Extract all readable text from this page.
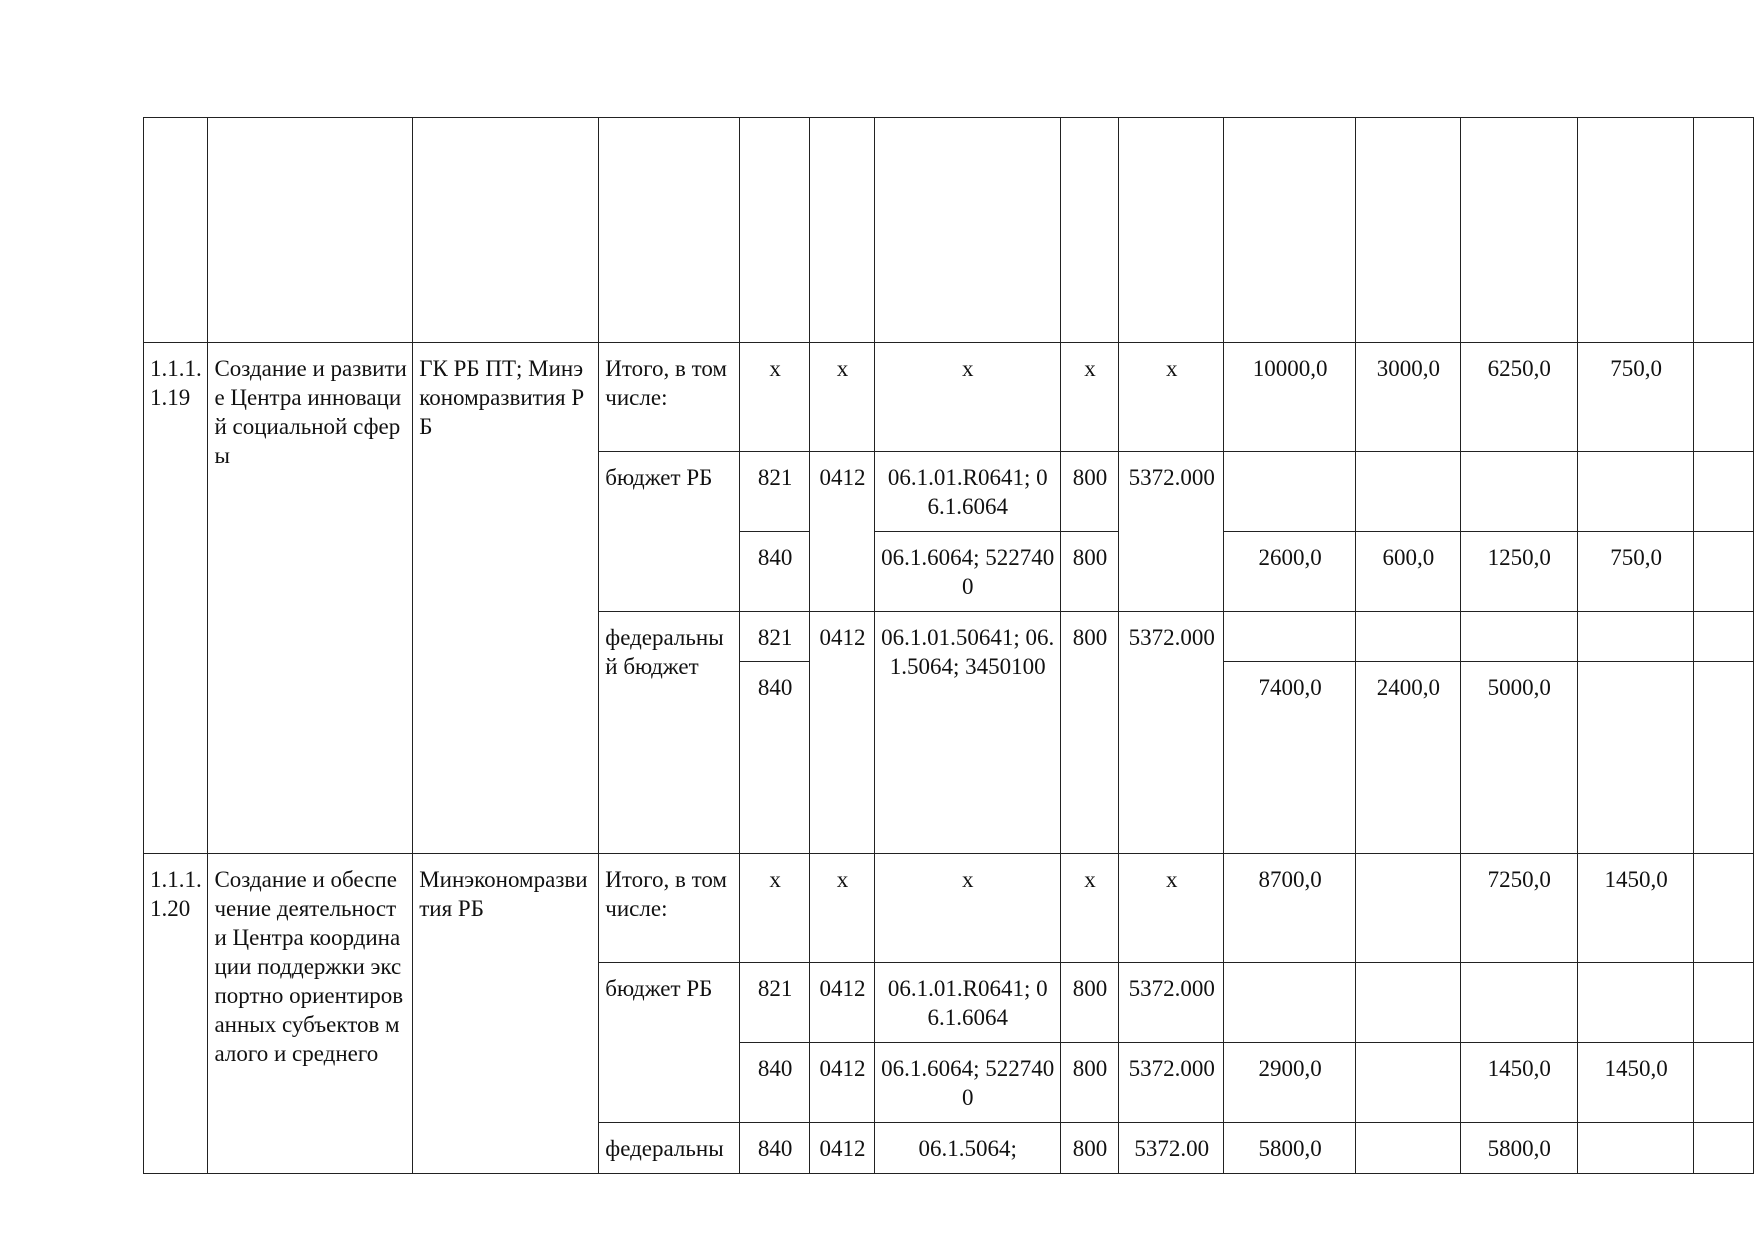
1.1.1.1.19	Создание и развитие Центра инноваций социальной сферы	ГК РБ ПТ; Минэкономразвития РБ	Итого, в том числе:	х	х	х	х	х	10000,0	3000,0	6250,0	750,0	
			бюджет РБ	821	0412	06.1.01.R0641; 06.1.6064	800	5372.000					
				840		06.1.6064; 5227400	800		2600,0	600,0	1250,0	750,0	
			федеральный бюджет	821	0412	06.1.01.50641; 06.1.5064; 3450100	800	5372.000					
				840					7400,0	2400,0	5000,0		

1.1.1.1.20	Создание и обеспечение деятельности Центра координации поддержки экспортно ориентированных субъектов малого и среднего	Минэкономразвития РБ	Итого, в том числе:	х	х	х	х	х	8700,0		7250,0	1450,0	
			бюджет РБ	821	0412	06.1.01.R0641; 06.1.6064	800	5372.000					
				840	0412	06.1.6064; 5227400	800	5372.000	2900,0		1450,0	1450,0	
			федеральны	840	0412	06.1.5064;	800	5372.00	5800,0		5800,0		
